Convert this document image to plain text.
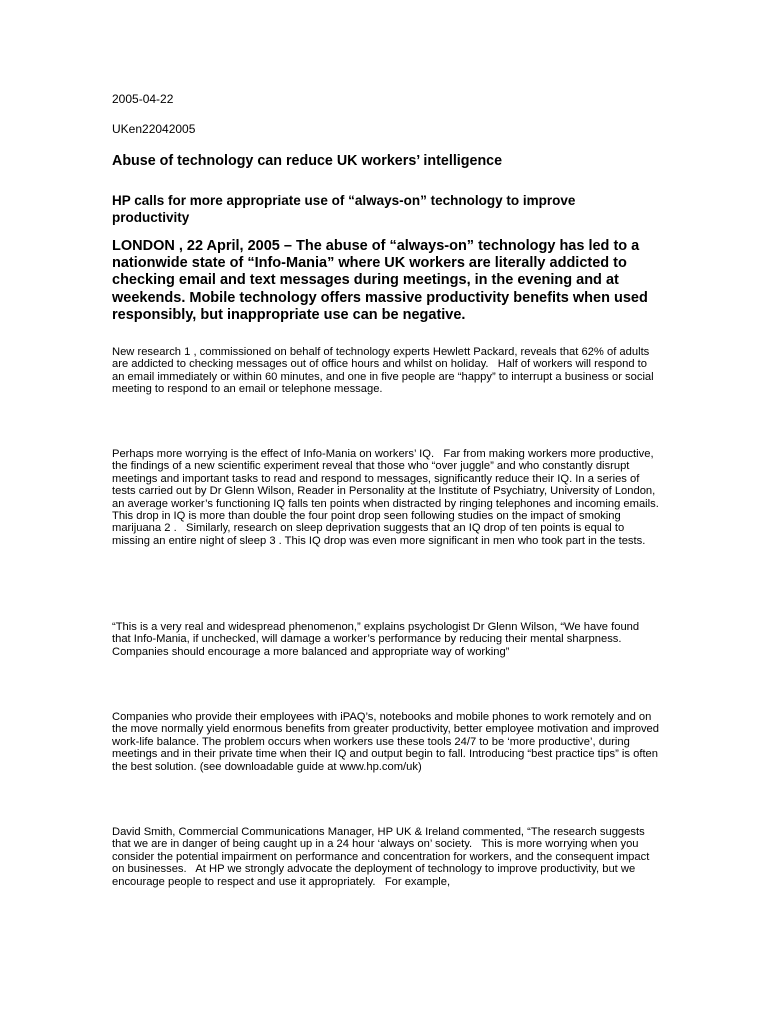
2005-04-22
UKen22042005
Abuse of technology can reduce UK workers’ intelligence
HP calls for more appropriate use of “always-on” technology to improve productivity
LONDON , 22 April, 2005 – The abuse of “always-on” technology has led to a nationwide state of “Info-Mania” where UK workers are literally addicted to checking email and text messages during meetings, in the evening and at weekends. Mobile technology offers massive productivity benefits when used responsibly, but inappropriate use can be negative.
New research 1 , commissioned on behalf of technology experts Hewlett Packard, reveals that 62% of adults are addicted to checking messages out of office hours and whilst on holiday.   Half of workers will respond to an email immediately or within 60 minutes, and one in five people are “happy” to interrupt a business or social meeting to respond to an email or telephone message.
Perhaps more worrying is the effect of Info-Mania on workers’ IQ.   Far from making workers more productive, the findings of a new scientific experiment reveal that those who “over juggle” and who constantly disrupt meetings and important tasks to read and respond to messages, significantly reduce their IQ. In a series of tests carried out by Dr Glenn Wilson, Reader in Personality at the Institute of Psychiatry, University of London, an average worker’s functioning IQ falls ten points when distracted by ringing telephones and incoming emails. This drop in IQ is more than double the four point drop seen following studies on the impact of smoking marijuana 2 .   Similarly, research on sleep deprivation suggests that an IQ drop of ten points is equal to missing an entire night of sleep 3 . This IQ drop was even more significant in men who took part in the tests.
“This is a very real and widespread phenomenon,” explains psychologist Dr Glenn Wilson, “We have found that Info-Mania, if unchecked, will damage a worker’s performance by reducing their mental sharpness.   Companies should encourage a more balanced and appropriate way of working”
Companies who provide their employees with iPAQ’s, notebooks and mobile phones to work remotely and on the move normally yield enormous benefits from greater productivity, better employee motivation and improved work-life balance. The problem occurs when workers use these tools 24/7 to be ‘more productive’, during meetings and in their private time when their IQ and output begin to fall. Introducing “best practice tips” is often the best solution. (see downloadable guide at www.hp.com/uk)
David Smith, Commercial Communications Manager, HP UK & Ireland commented, “The research suggests that we are in danger of being caught up in a 24 hour ‘always on’ society.   This is more worrying when you consider the potential impairment on performance and concentration for workers, and the consequent impact on businesses.   At HP we strongly advocate the deployment of technology to improve productivity, but we encourage people to respect and use it appropriately.   For example,
